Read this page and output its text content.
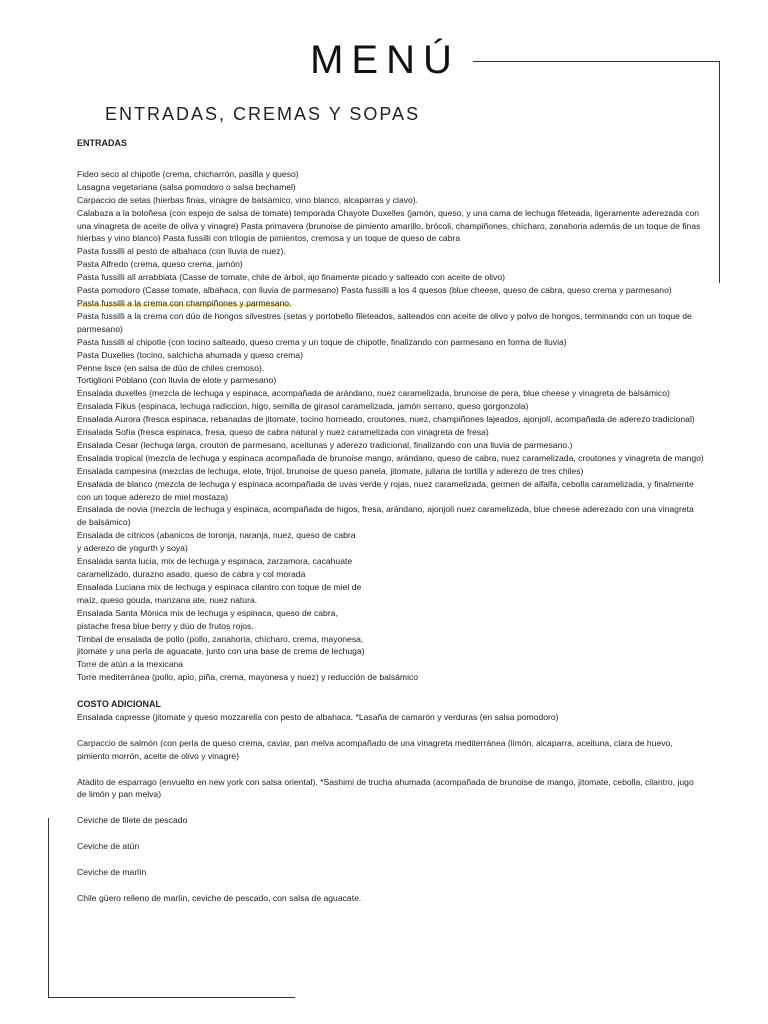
MENÚ
ENTRADAS, CREMAS Y SOPAS

ENTRADAS

Fideo seco al chipotle (crema, chicharrón, pasilla y queso)

Lasagna vegetariana (salsa pomodoro o salsa bechamel)

Carpaccio de setas (hierbas finas, vinagre de balsámico, vino blanco, alcaparras y clavo).

Calabaza a la boloñesa (con espejo de salsa de tomate) temporada Chayote Duxelles (jamón, queso, y una cama de lechuga fileteada, ligeramente aderezada con una vinagreta de aceite de oliva y vinagre) Pasta primavera (brunoise de pimiento amarillo, brócoli, champiñones, chícharo, zanahoria además de un toque de finas hierbas y vino blanco) Pasta fussilli con trilogía de pimientos, cremosa y un toque de queso de cabra

Pasta fussilli al pesto de albahaca (con lluvia de nuez).

Pasta Alfredo (crema, queso crema, jamón)

Pasta fussilli all arrabbiata (Casse de tomate, chile de árbol, ajo finamente picado y salteado con aceite de olivo)

Pasta pomodoro (Casse tomate, albahaca, con lluvia de parmesano) Pasta fussilli a los 4 quesos (blue cheese, queso de cabra, queso crema y parmesano)

Pasta fussilli a la crema con champiñones y parmesano.

Pasta fussilli a la crema con dúo de hongos silvestres (setas y portobello fileteados, salteados con aceite de olivo y polvo de hongos, terminando con un toque de parmesano)

Pasta fussilli al chipotle (con tocino salteado, queso crema y un toque de chipotle, finalizando con parmesano en forma de lluvia)

Pasta Duxelles (tocino, salchicha ahumada y queso crema)

Penne lisce (en salsa de dúo de chiles cremoso).

Tortiglioni Poblano (con lluvia de elote y parmesano)

Ensalada duxelles (mezcla de lechuga y espinaca, acompañada de arándano, nuez caramelizada, brunoise de pera, blue cheese y vinagreta de balsámico)

Ensalada Fikus (espinaca, lechuga radiccion, higo, semilla de girasol caramelizada, jamón serrano, queso gorgonzola)

Ensalada Aurora (fresca espinaca, rebanadas de jitomate, tocino horneado, croutones, nuez, champiñones lajeados, ajonjolí, acompañada de aderezo tradicional)

Ensalada Sofía (fresca espinaca, fresa, queso de cabra natural y nuez caramelizada con vinagreta de fresa)

Ensalada Cesar (lechuga larga, crouton de parmesano, aceitunas y aderezo tradicional, finalizando con una lluvia de parmesano.)

Ensalada tropical (mezcla de lechuga y espinaca acompañada de brunoise mango, arándano, queso de cabra, nuez caramelizada, croutones y vinagreta de mango)

Ensalada campesina (mezclas de lechuga, elote, frijol, brunoise de queso panela, jitomate, juliana de tortilla y aderezo de tres chiles)

Ensalada de blanco (mezcla de lechuga y espinaca acompañada de uvas verde y rojas, nuez caramelizada, germen de alfalfa, cebolla caramelizada, y finalmente con un toque aderezo de miel mostaza)

Ensalada de novia (mezcla de lechuga y espinaca, acompañada de higos, fresa, arándano, ajonjolí nuez caramelizada, blue cheese aderezado con una vinagreta de balsámico)

Ensalada de cítricos (abanicos de toronja, naranja, nuez, queso de cabra

y aderezo de yogurth y soya)

Ensalada santa lucia, mix de lechuga y espinaca, zarzamora, cacahuate

caramelizado, durazno asado, queso de cabra y col morada

Ensalada Luciana mix de lechuga y espinaca cilantro con toque de miel de

maíz, queso gouda, manzana ate, nuez natura.

Ensalada Santa Mónica mix de lechuga y espinaca, queso de cabra,

pistache fresa blue berry y dúo de frutos rojos.

Timbal de ensalada de pollo (pollo, zanahoria, chícharo, crema, mayonesa,

jitomate y una perla de aguacate, junto con una base de crema de lechuga)

Torre de atún a la mexicana

Torre mediterránea (pollo, apio, piña, crema, mayonesa y nuez) y reducción de balsámico

COSTO ADICIONAL

Ensalada capresse (jitomate y queso mozzarella con pesto de albahaca. *Lasaña de camarón y verduras (en salsa pomodoro)

Carpaccio de salmón (con perla de queso crema, caviar, pan melva acompañado de una vinagreta mediterránea (limón, alcaparra, aceituna, clara de huevo, pimiento morrón, aceite de olivo y vinagre)

Atadito de esparrago (envuelto en new york con salsa oriental). *Sashimi de trucha ahumada (acompañada de brunoise de mango, jitomate, cebolla, cilantro, jugo de limón y pan melva)

Ceviche de filete de pescado

Ceviche de atún

Ceviche de marlín

Chile güero relleno de marlín, ceviche de pescado, con salsa de aguacate.
